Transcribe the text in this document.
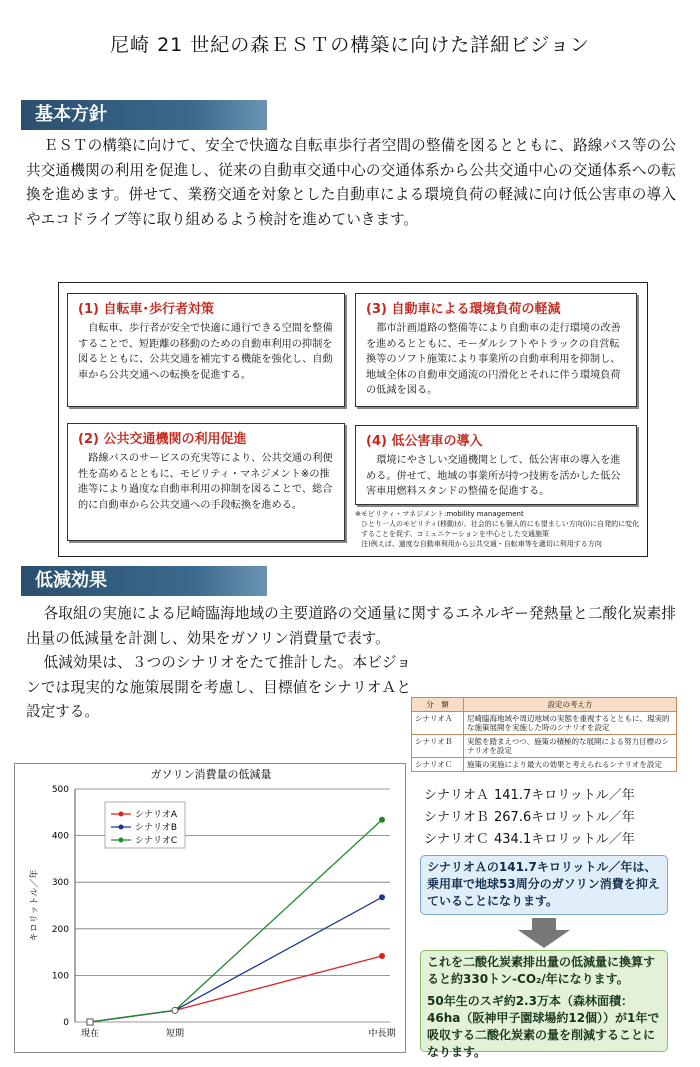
尼崎 21 世紀の森ＥＳＴの構築に向けた詳細ビジョン
基本方針

ＥＳＴの構築に向けて、安全で快適な自転車歩行者空間の整備を図るとともに、路線バス等の公共交通機関の利用を促進し、従来の自動車交通中心の交通体系から公共交通中心の交通体系への転換を進めます。併せて、業務交通を対象とした自動車による環境負荷の軽減に向け低公害車の導入やエコドライブ等に取り組めるよう検討を進めていきます。

(1) 自転車･歩行者対策
自転車、歩行者が安全で快適に通行できる空間を整備することで、短距離の移動のための自動車利用の抑制を図るとともに、公共交通を補完する機能を強化し、自動車から公共交通への転換を促進する。
(3) 自動車による環境負荷の軽減
都市計画道路の整備等により自動車の走行環境の改善を進めるとともに、モーダルシフトやトラックの自営転換等のソフト施策により事業所の自動車利用を抑制し、地域全体の自動車交通流の円滑化とそれに伴う環境負荷の低減を図る。
(2) 公共交通機関の利用促進
路線バスのサービスの充実等により、公共交通の利便性を高めるとともに、モビリティ・マネジメント※の推進等により過度な自動車利用の抑制を図ることで、総合的に自動車から公共交通への手段転換を進める。
(4) 低公害車の導入
環境にやさしい交通機関として、低公害車の導入を進める。併せて、地域の事業所が持つ技術を活かした低公害車用燃料スタンドの整備を促進する。
※モビリティ・マネジメント:mobility management
ひとり一人のモビリティ(移動)が、社会的にも個人的にも望ましい方向(i)に自発的に変化することを促す、コミュニケーションを中心とした交通施策
注)例えば、過度な自動車利用から公共交通・自転車等を適切に利用する方向
低減効果

各取組の実施による尼崎臨海地域の主要道路の交通量に関するエネルギー発熱量と二酸化炭素排出量の低減量を計測し、効果をガソリン消費量で表す。

低減効果は、３つのシナリオをたて推計した。本ビジョンでは現実的な施策展開を考慮し、目標値をシナリオＡと設定する。	分　類	設定の考え方
シナリオＡ	尼崎臨海地域や周辺地域の実態を重視するとともに、現実的な施策展開を実施した時のシナリオを設定
シナリオＢ	実態を踏まえつつ、施策の積極的な展開による努力目標のシナリオを設定
シナリオＣ	施策の実施により最大の効果と考えられるシナリオを設定
シナリオＡ 141.7キロリットル／年
シナリオＢ 267.6キロリットル／年
シナリオＣ 434.1キロリットル／年
シナリオＡの141.7キロリットル／年は、乗用車で地球53周分のガソリン消費を抑えていることになります。

これを二酸化炭素排出量の低減量に換算すると約330トン-CO₂/年になります。

50年生のスギ約2.3万本（森林面積：46ha（阪神甲子園球場約12個））が1年で吸収する二酸化炭素の量を削減することになります。

ガソリン消費量の低減量
0
100
200
300
400
500
現在	短期	中長期
キロリットル／年
シナリオA
シナリオB
シナリオC
